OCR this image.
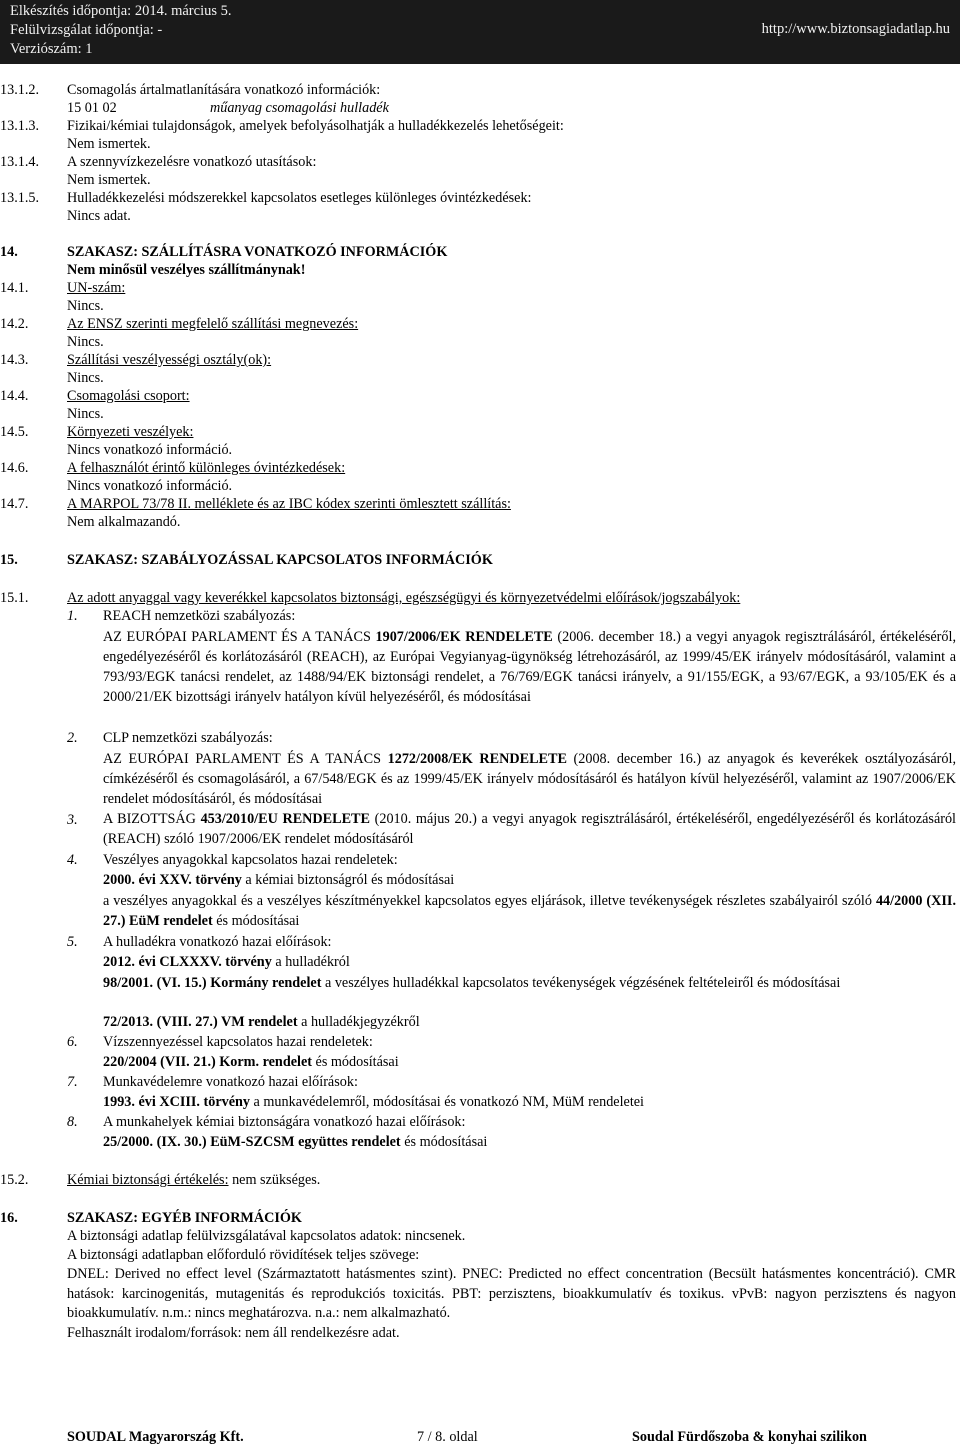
Elkészítés időpontja: 2014. március 5.
Felülvizsgálat időpontja: -
Verziószám: 1
http://www.biztonsagiadatlap.hu
13.1.2. Csomagolás ártalmatlanítására vonatkozó információk:
15 01 02	műanyag csomagolási hulladék
13.1.3. Fizikai/kémiai tulajdonságok, amelyek befolyásolhatják a hulladékkezelés lehetőségeit:
Nem ismertek.
13.1.4. A szennyvízkezelésre vonatkozó utasítások:
Nem ismertek.
13.1.5. Hulladékkezelési módszerekkel kapcsolatos esetleges különleges óvintézkedések:
Nincs adat.
14.	SZAKASZ: SZÁLLÍTÁSRA VONATKOZÓ INFORMÁCIÓK
Nem minősül veszélyes szállítmánynak!
14.1.	UN-szám:
Nincs.
14.2.	Az ENSZ szerinti megfelelő szállítási megnevezés:
Nincs.
14.3.	Szállítási veszélyességi osztály(ok):
Nincs.
14.4.	Csomagolási csoport:
Nincs.
14.5.	Környezeti veszélyek:
Nincs vonatkozó információ.
14.6.	A felhasználót érintő különleges óvintézkedések:
Nincs vonatkozó információ.
14.7.	A MARPOL 73/78 II. melléklete és az IBC kódex szerinti ömlesztett szállítás:
Nem alkalmazandó.
15.	SZAKASZ: SZABÁLYOZÁSSAL KAPCSOLATOS INFORMÁCIÓK
15.1.	Az adott anyaggal vagy keverékkel kapcsolatos biztonsági, egészségügyi és környezetvédelmi előírások/jogszabályok:
1. REACH nemzetközi szabályozás:
AZ EURÓPAI PARLAMENT ÉS A TANÁCS 1907/2006/EK RENDELETE (2006. december 18.) a vegyi anyagok regisztrálásáról, értékeléséről, engedélyezéséről és korlátozásáról (REACH), az Európai Vegyianyag-ügynökség létrehozásáról, az 1999/45/EK irányelv módosításáról, valamint a 793/93/EGK tanácsi rendelet, az 1488/94/EK biztonsági rendelet, a 76/769/EGK tanácsi irányelv, a 91/155/EGK, a 93/67/EGK, a 93/105/EK és a 2000/21/EK bizottsági irányelv hatályon kívül helyezéséről, és módosításai
2. CLP nemzetközi szabályozás:
AZ EURÓPAI PARLAMENT ÉS A TANÁCS 1272/2008/EK RENDELETE (2008. december 16.) az anyagok és keverékek osztályozásáról, címkézéséről és csomagolásáról, a 67/548/EGK és az 1999/45/EK irányelv módosításáról és hatályon kívül helyezéséről, valamint az 1907/2006/EK rendelet módosításáról, és módosításai
3. A BIZOTTSÁG 453/2010/EU RENDELETE (2010. május 20.) a vegyi anyagok regisztrálásáról, értékeléséről, engedélyezéséről és korlátozásáról (REACH) szóló 1907/2006/EK rendelet módosításáról
4. Veszélyes anyagokkal kapcsolatos hazai rendeletek:
2000. évi XXV. törvény a kémiai biztonságról és módosításai
a veszélyes anyagokkal és a veszélyes készítményekkel kapcsolatos egyes eljárások, illetve tevékenységek részletes szabályairól szóló 44/2000 (XII. 27.) EüM rendelet és módosításai
5. A hulladékra vonatkozó hazai előírások:
2012. évi CLXXXV. törvény a hulladékról
98/2001. (VI. 15.) Kormány rendelet a veszélyes hulladékkal kapcsolatos tevékenységek végzésének feltételeiről és módosításai
72/2013. (VIII. 27.) VM rendelet a hulladékjegyzékről
6. Vízszennyezéssel kapcsolatos hazai rendeletek:
220/2004 (VII. 21.) Korm. rendelet és módosításai
7. Munkavédelemre vonatkozó hazai előírások:
1993. évi XCIII. törvény a munkavédelemről, módosításai és vonatkozó NM, MüM rendeletei
8. A munkahelyek kémiai biztonságára vonatkozó hazai előírások:
25/2000. (IX. 30.) EüM-SZCSM együttes rendelet és módosításai
15.2.	Kémiai biztonsági értékelés: nem szükséges.
16.	SZAKASZ: EGYÉB INFORMÁCIÓK
A biztonsági adatlap felülvizsgálatával kapcsolatos adatok: nincsenek.
A biztonsági adatlapban előforduló rövidítések teljes szövege:
DNEL: Derived no effect level (Származtatott hatásmentes szint). PNEC: Predicted no effect concentration (Becsült hatásmentes koncentráció). CMR hatások: karcinogenitás, mutagenitás és reprodukciós toxicitás. PBT: perzisztens, bioakkumulatív és toxikus. vPvB: nagyon perzisztens és nagyon bioakkumulatív. n.m.: nincs meghatározva. n.a.: nem alkalmazható.
Felhasznált irodalom/források: nem áll rendelkezésre adat.
SOUDAL Magyarország Kft.	7 / 8. oldal	Soudal Fürdőszoba & konyhai szilikon
